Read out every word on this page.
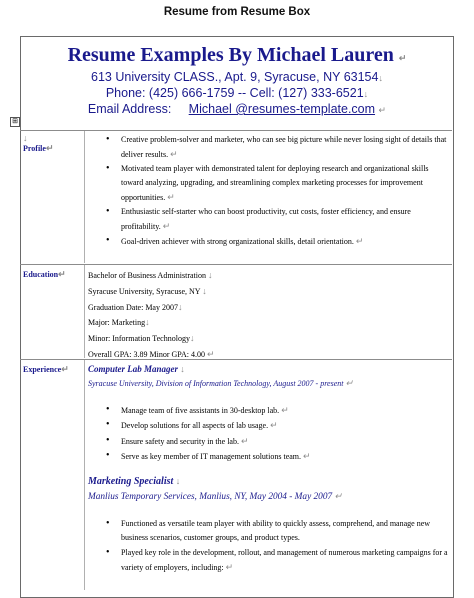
Resume from Resume Box
Resume Examples By Michael Lauren ↵
613 University CLASS., Apt. 9, Syracuse, NY 63154↓
Phone: (425) 666-1759 -- Cell: (127) 333-6521↓
Email Address: Michael @resumes-template.com ↵
⊞
↓
Profile↵
• Creative problem-solver and marketer, who can see big picture while never losing sight of details that deliver results. ↵
• Motivated team player with demonstrated talent for deploying research and organizational skills toward analyzing, upgrading, and streamlining complex marketing processes for improvement opportunities. ↵
• Enthusiastic self-starter who can boost productivity, cut costs, foster efficiency, and ensure profitability. ↵
• Goal-driven achiever with strong organizational skills, detail orientation. ↵
Education↵	Bachelor of Business Administration ↓
Syracuse University, Syracuse, NY ↓
Graduation Date: May 2007↓
Major: Marketing↓
Minor: Information Technology↓
Overall GPA: 3.89 Minor GPA: 4.00 ↵
Experience↵	Computer Lab Manager ↓
Syracuse University, Division of Information Technology, August 2007 - present ↵
• Manage team of five assistants in 30-desktop lab. ↵
• Develop solutions for all aspects of lab usage. ↵
• Ensure safety and security in the lab. ↵
• Serve as key member of IT management solutions team. ↵
Marketing Specialist ↓
Manlius Temporary Services, Manlius, NY, May 2004 - May 2007 ↵
• Functioned as versatile team player with ability to quickly assess, comprehend, and manage new business scenarios, customer groups, and product types.
• Played key role in the development, rollout, and management of numerous marketing campaigns for a variety of employers, including: ↵
